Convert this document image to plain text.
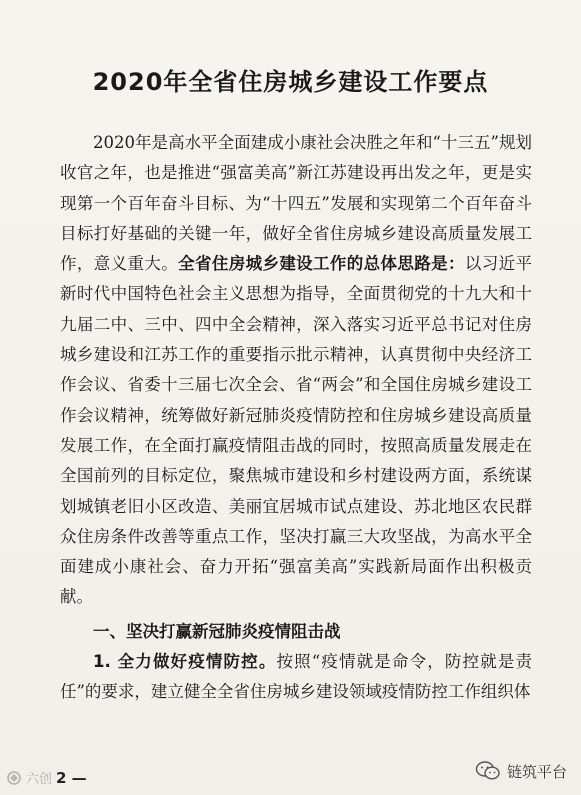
2020年全省住房城乡建设工作要点

2020年是高水平全面建成小康社会决胜之年和“十三五”规划收官之年，也是推进“强富美高”新江苏建设再出发之年，更是实现第一个百年奋斗目标、为“十四五”发展和实现第二个百年奋斗目标打好基础的关键一年，做好全省住房城乡建设高质量发展工作，意义重大。全省住房城乡建设工作的总体思路是：以习近平新时代中国特色社会主义思想为指导，全面贯彻党的十九大和十九届二中、三中、四中全会精神，深入落实习近平总书记对住房城乡建设和江苏工作的重要指示批示精神，认真贯彻中央经济工作会议、省委十三届七次全会、省“两会”和全国住房城乡建设工作会议精神，统筹做好新冠肺炎疫情防控和住房城乡建设高质量发展工作，在全面打赢疫情阻击战的同时，按照高质量发展走在全国前列的目标定位，聚焦城市建设和乡村建设两方面，系统谋划城镇老旧小区改造、美丽宜居城市试点建设、苏北地区农民群众住房条件改善等重点工作，坚决打赢三大攻坚战，为高水平全面建成小康社会、奋力开拓“强富美高”实践新局面作出积极贡献。

一、坚决打赢新冠肺炎疫情阻击战

1. 全力做好疫情防控。按照“疫情就是命令，防控就是责任”的要求，建立健全全省住房城乡建设领域疫情防控工作组织体

六创 2 —	链筑平台
